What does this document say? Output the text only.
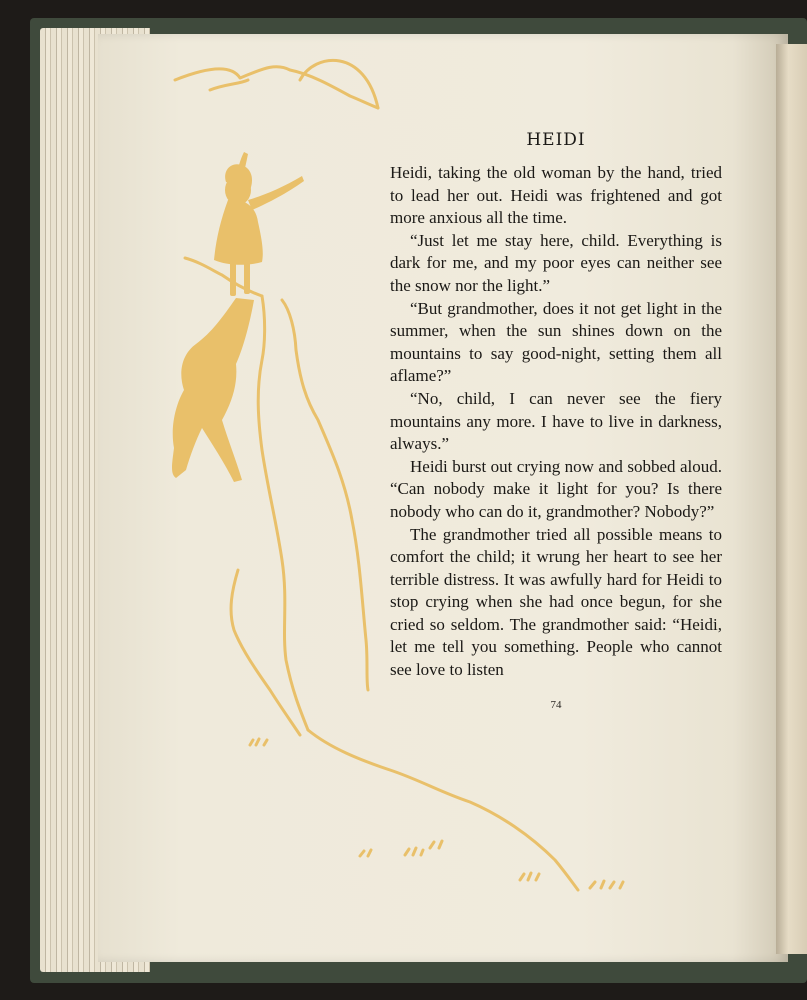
HEIDI

Heidi, taking the old woman by the hand, tried to lead her out. Heidi was frightened and got more anxious all the time.

“Just let me stay here, child. Everything is dark for me, and my poor eyes can neither see the snow nor the light.”

“But grandmother, does it not get light in the summer, when the sun shines down on the mountains to say good-night, setting them all aflame?”

“No, child, I can never see the fiery mountains any more. I have to live in darkness, always.”

Heidi burst out crying now and sobbed aloud. “Can nobody make it light for you? Is there nobody who can do it, grandmother? Nobody?”

The grandmother tried all possible means to comfort the child; it wrung her heart to see her terrible distress. It was awfully hard for Heidi to stop crying when she had once begun, for she cried so seldom. The grandmother said: “Heidi, let me tell you something. People who cannot see love to listen

74
